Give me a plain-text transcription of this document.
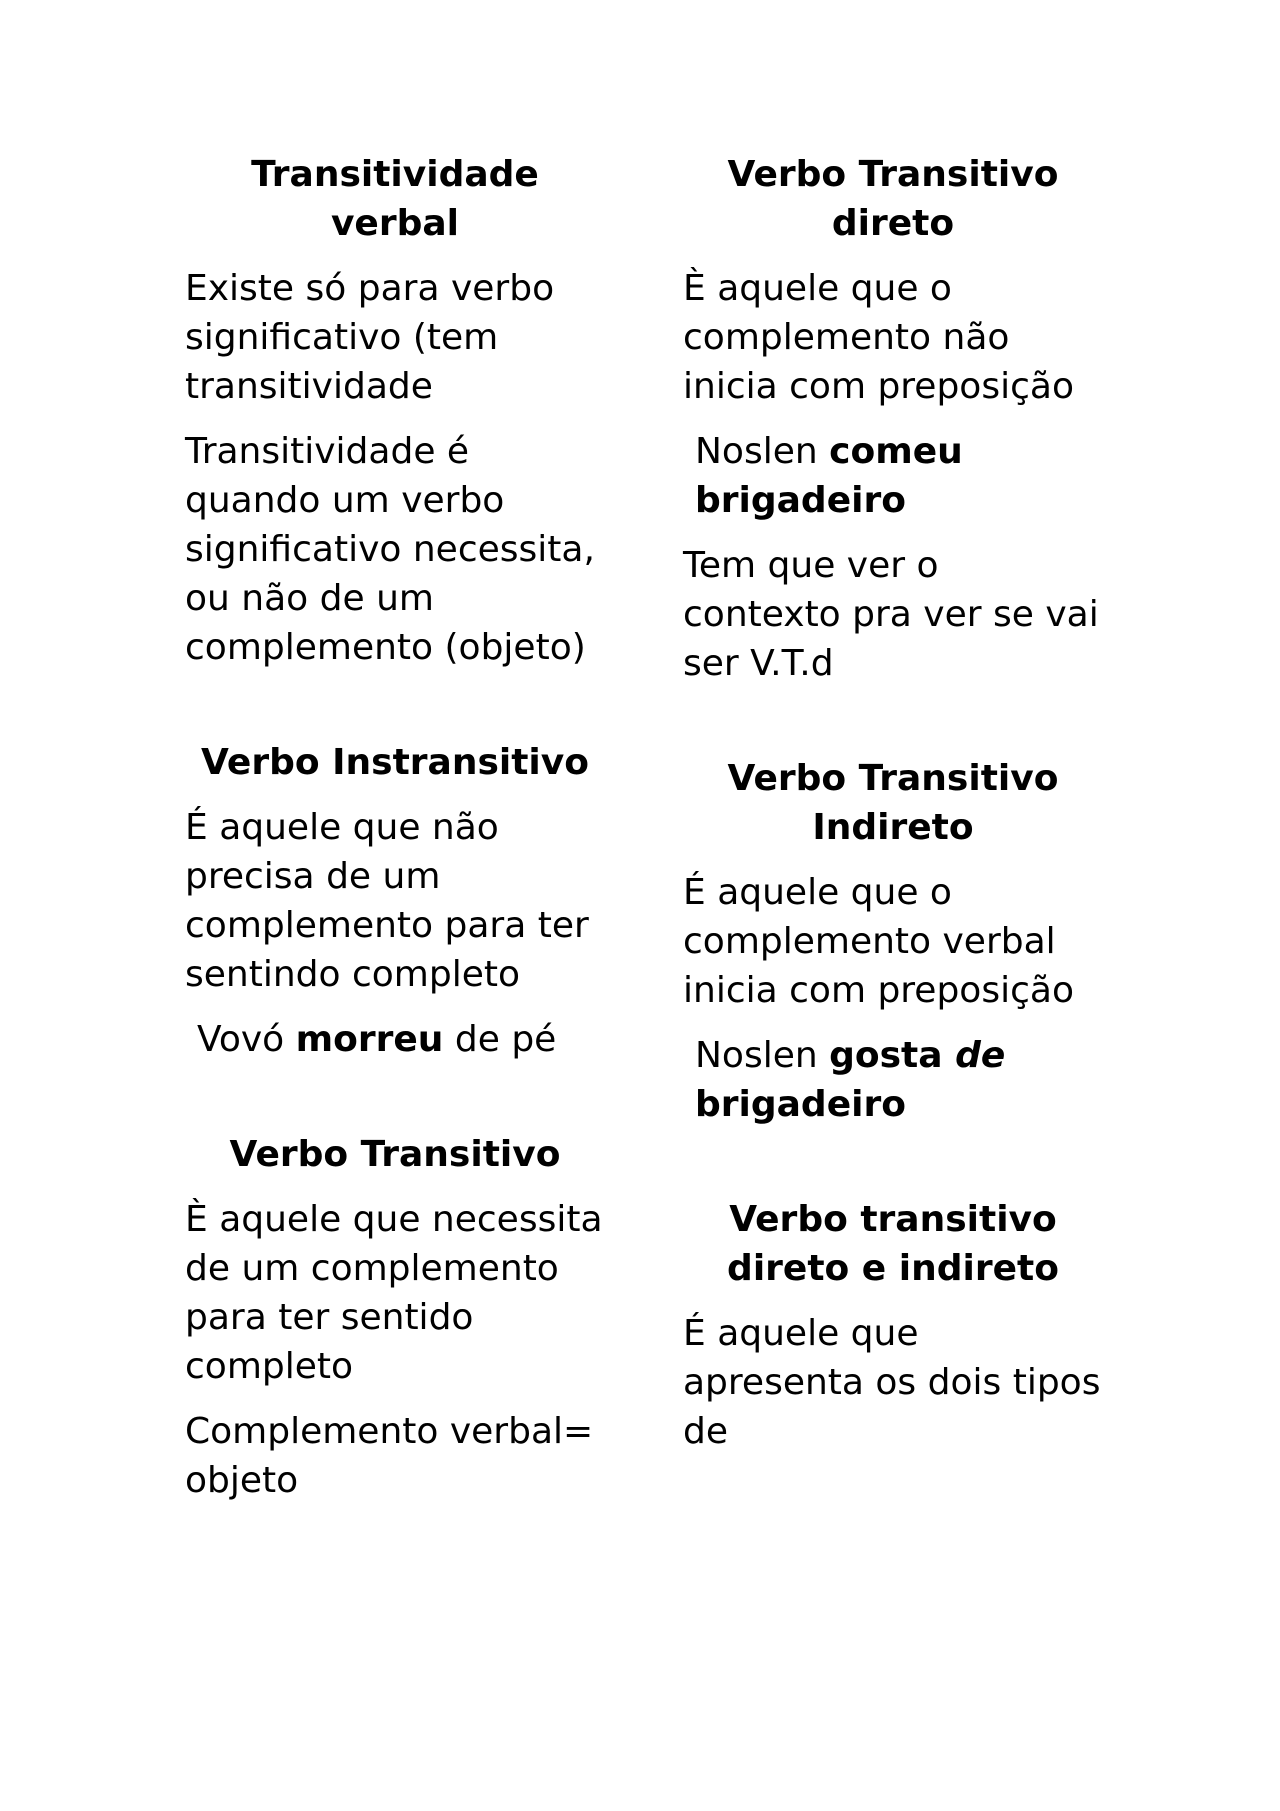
Transitividade verbal

Existe só para verbo significativo (tem transitividade

Transitividade é quando um verbo significativo necessita, ou não de um complemento (objeto)

Verbo Instransitivo

É aquele que não precisa de um complemento para ter sentindo completo

Vovó morreu de pé

Verbo Transitivo

È aquele que necessita de um complemento para ter sentido completo

Complemento verbal= objeto

Verbo Transitivo direto

È aquele que o complemento não inicia com preposição

Noslen comeu brigadeiro

Tem que ver o contexto pra ver se vai ser V.T.d

Verbo Transitivo Indireto

É aquele que o complemento verbal inicia com preposição

Noslen gosta de brigadeiro

Verbo transitivo direto e indireto

É aquele que apresenta os dois tipos de
